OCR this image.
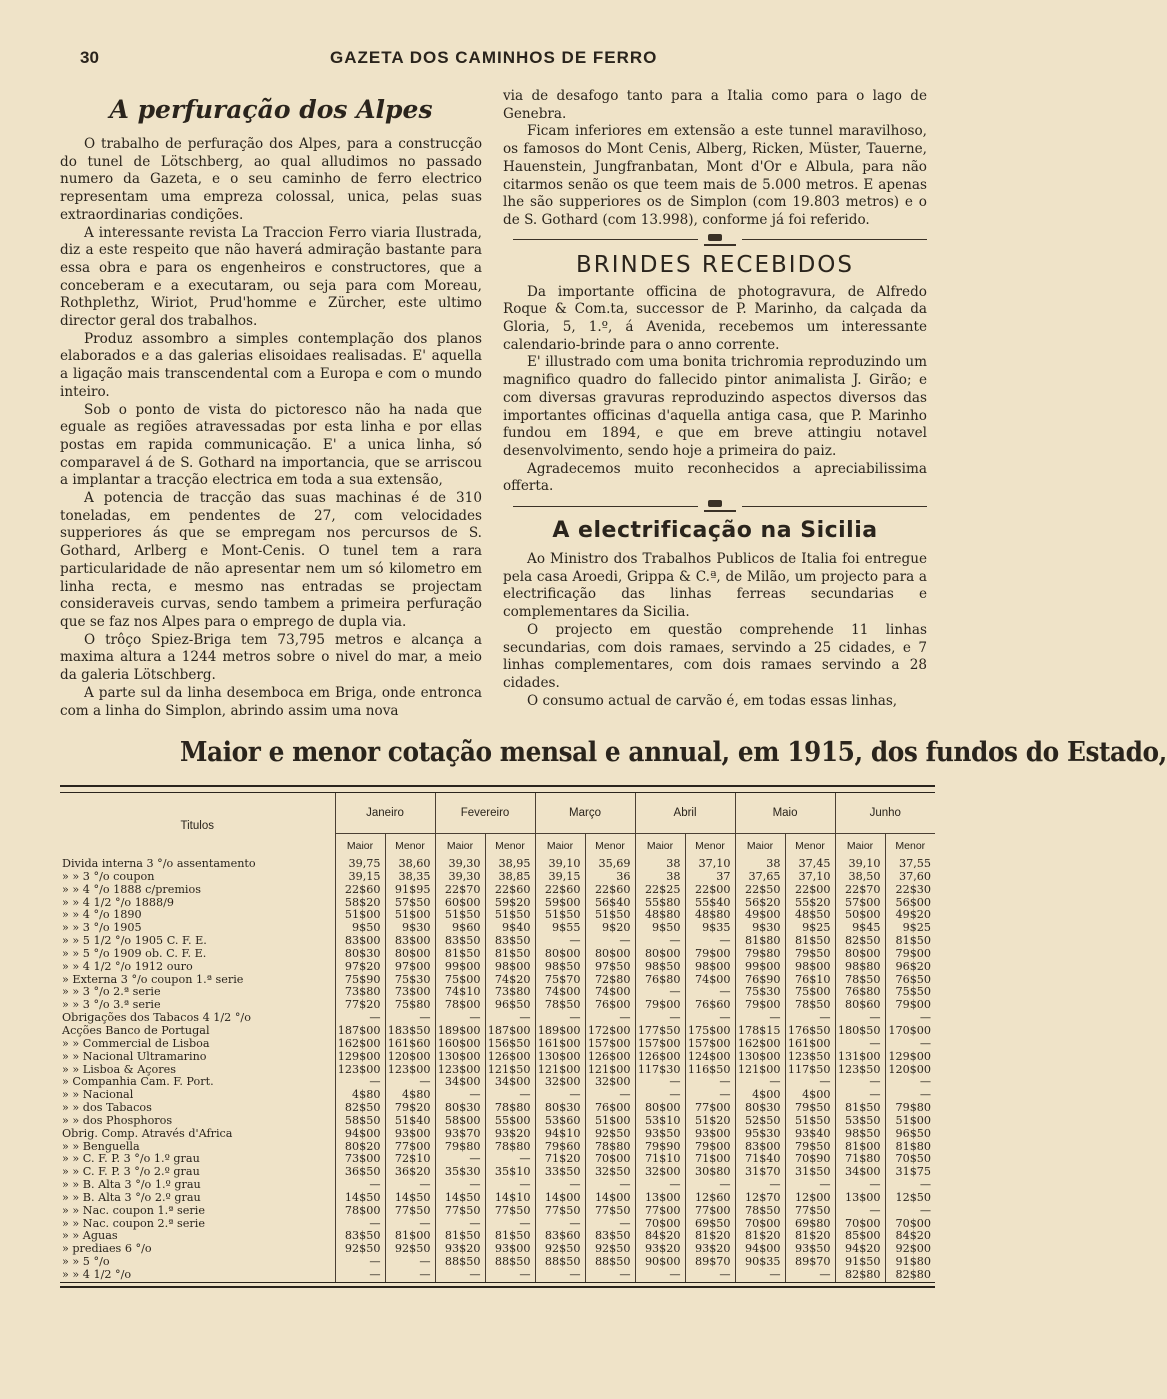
30	GAZETA DOS CAMINHOS DE FERRO
A perfuração dos Alpes

O trabalho de perfuração dos Alpes, para a construcção do tunel de Lötschberg, ao qual alludimos no passado numero da Gazeta, e o seu caminho de ferro electrico representam uma empreza colossal, unica, pelas suas extraordinarias condições.

A interessante revista La Traccion Ferro viaria Ilustrada, diz a este respeito que não haverá admiração bastante para essa obra e para os engenheiros e constructores, que a conceberam e a executaram, ou seja para com Moreau, Rothplethz, Wiriot, Prud'homme e Zürcher, este ultimo director geral dos trabalhos.

Produz assombro a simples contemplação dos planos elaborados e a das galerias elisoidaes realisadas. E' aquella a ligação mais transcendental com a Europa e com o mundo inteiro.

Sob o ponto de vista do pictoresco não ha nada que eguale as regiões atravessadas por esta linha e por ellas postas em rapida communicação. E' a unica linha, só comparavel á de S. Gothard na importancia, que se arriscou a implantar a tracção electrica em toda a sua extensão,

A potencia de tracção das suas machinas é de 310 toneladas, em pendentes de 27, com velocidades supperiores ás que se empregam nos percursos de S. Gothard, Arlberg e Mont-Cenis. O tunel tem a rara particularidade de não apresentar nem um só kilometro em linha recta, e mesmo nas entradas se projectam consideraveis curvas, sendo tambem a primeira perfuração que se faz nos Alpes para o emprego de dupla via.

O trôço Spiez-Briga tem 73,795 metros e alcança a maxima altura a 1244 metros sobre o nivel do mar, a meio da galeria Lötschberg.

A parte sul da linha desemboca em Briga, onde entronca com a linha do Simplon, abrindo assim uma nova

via de desafogo tanto para a Italia como para o lago de Genebra.

Ficam inferiores em extensão a este tunnel maravilhoso, os famosos do Mont Cenis, Alberg, Ricken, Müster, Tauerne, Hauenstein, Jungfranbatan, Mont d'Or e Albula, para não citarmos senão os que teem mais de 5.000 metros. E apenas lhe são supperiores os de Simplon (com 19.803 metros) e o de S. Gothard (com 13.998), conforme já foi referido.

BRINDES RECEBIDOS

Da importante officina de photogravura, de Alfredo Roque & Com.ta, successor de P. Marinho, da calçada da Gloria, 5, 1.º, á Avenida, recebemos um interessante calendario-brinde para o anno corrente.

E' illustrado com uma bonita trichromia reproduzindo um magnifico quadro do fallecido pintor animalista J. Girão; e com diversas gravuras reproduzindo aspectos diversos das importantes officinas d'aquella antiga casa, que P. Marinho fundou em 1894, e que em breve attingiu notavel desenvolvimento, sendo hoje a primeira do paiz.

Agradecemos muito reconhecidos a apreciabilissima offerta.

A electrificação na Sicilia

Ao Ministro dos Trabalhos Publicos de Italia foi entregue pela casa Aroedi, Grippa & C.ª, de Milão, um projecto para a electrificação das linhas ferreas secundarias e complementares da Sicilia.

O projecto em questão comprehende 11 linhas secundarias, com dois ramaes, servindo a 25 cidades, e 7 linhas complementares, com dois ramaes servindo a 28 cidades.

O consumo actual de carvão é, em todas essas linhas,

Maior e menor cotação mensal e annual, em 1915, dos fundos do Estado,
Titulos	Janeiro		Fevereiro		Março		Abril		Maio		Junho	
	Maior	Menor	Maior	Menor	Maior	Menor	Maior	Menor	Maior	Menor	Maior	Menor
Divida interna 3 °/o assentamento	39,75	38,60	39,30	38,95	39,10	35,69	38	37,10	38	37,45	39,10	37,55
» » 3 °/o coupon	39,15	38,35	39,30	38,85	39,15	36	38	37	37,65	37,10	38,50	37,60
» » 4 °/o 1888 c/premios	22$60	91$95	22$70	22$60	22$60	22$60	22$25	22$00	22$50	22$00	22$70	22$30
» » 4 1/2 °/o 1888/9	58$20	57$50	60$00	59$20	59$00	56$40	55$80	55$40	56$20	55$20	57$00	56$00
» » 4 °/o 1890	51$00	51$00	51$50	51$50	51$50	51$50	48$80	48$80	49$00	48$50	50$00	49$20
» » 3 °/o 1905	9$50	9$30	9$60	9$40	9$55	9$20	9$50	9$35	9$30	9$25	9$45	9$25
» » 5 1/2 °/o 1905 C. F. E.	83$00	83$00	83$50	83$50	—	—	—	—	81$80	81$50	82$50	81$50
» » 5 °/o 1909 ob. C. F. E.	80$30	80$00	81$50	81$50	80$00	80$00	80$00	79$00	79$80	79$50	80$00	79$00
» » 4 1/2 °/o 1912 ouro	97$20	97$00	99$00	98$00	98$50	97$50	98$50	98$00	99$00	98$00	98$80	96$20
» Externa 3 °/o coupon 1.ª serie	75$90	75$30	75$00	74$20	75$70	72$80	76$80	74$00	76$90	76$10	78$50	76$50
» » 3 °/o 2.ª serie	73$80	73$00	74$10	73$80	74$00	74$00	—	—	75$30	75$00	76$80	75$50
» » 3 °/o 3.ª serie	77$20	75$80	78$00	96$50	78$50	76$00	79$00	76$60	79$00	78$50	80$60	79$00
Obrigações dos Tabacos 4 1/2 °/o	—	—	—	—	—	—	—	—	—	—	—	—
Acções Banco de Portugal	187$00	183$50	189$00	187$00	189$00	172$00	177$50	175$00	178$15	176$50	180$50	170$00
» » Commercial de Lisboa	162$00	161$60	160$00	156$50	161$00	157$00	157$00	157$00	162$00	161$00	—	—
» » Nacional Ultramarino	129$00	120$00	130$00	126$00	130$00	126$00	126$00	124$00	130$00	123$50	131$00	129$00
» » Lisboa & Açores	123$00	123$00	123$00	121$50	121$00	121$00	117$30	116$50	121$00	117$50	123$50	120$00
» Companhia Cam. F. Port.	—	—	34$00	34$00	32$00	32$00	—	—	—	—	—	—
» » Nacional	4$80	4$80	—	—	—	—	—	—	4$00	4$00	—	—
» » dos Tabacos	82$50	79$20	80$30	78$80	80$30	76$00	80$00	77$00	80$30	79$50	81$50	79$80
» » dos Phosphoros	58$50	51$40	58$00	55$00	53$60	51$00	53$10	51$20	52$50	51$50	53$50	51$00
Obrig. Comp. Através d'Africa	94$00	93$00	93$70	93$20	94$10	92$50	93$50	93$00	95$30	93$40	98$50	96$50
» » Benguella	80$20	77$00	79$80	78$80	79$60	78$80	79$90	79$00	83$00	79$50	81$00	81$80
» » C. F. P. 3 °/o 1.º grau	73$00	72$10	—	—	71$20	70$00	71$10	71$00	71$40	70$90	71$80	70$50
» » C. F. P. 3 °/o 2.º grau	36$50	36$20	35$30	35$10	33$50	32$50	32$00	30$80	31$70	31$50	34$00	31$75
» » B. Alta 3 °/o 1.º grau	—	—	—	—	—	—	—	—	—	—	—	—
» » B. Alta 3 °/o 2.º grau	14$50	14$50	14$50	14$10	14$00	14$00	13$00	12$60	12$70	12$00	13$00	12$50
» » Nac. coupon 1.ª serie	78$00	77$50	77$50	77$50	77$50	77$50	77$00	77$00	78$50	77$50	—	—
» » Nac. coupon 2.ª serie	—	—	—	—	—	—	70$00	69$50	70$00	69$80	70$00	70$00
» » Aguas	83$50	81$00	81$50	81$50	83$60	83$50	84$20	81$20	81$20	81$20	85$00	84$20
» prediaes 6 °/o	92$50	92$50	93$20	93$00	92$50	92$50	93$20	93$20	94$00	93$50	94$20	92$00
» » 5 °/o	—	—	88$50	88$50	88$50	88$50	90$00	89$70	90$35	89$70	91$50	91$80
» » 4 1/2 °/o	—	—	—	—	—	—	—	—	—	—	82$80	82$80
